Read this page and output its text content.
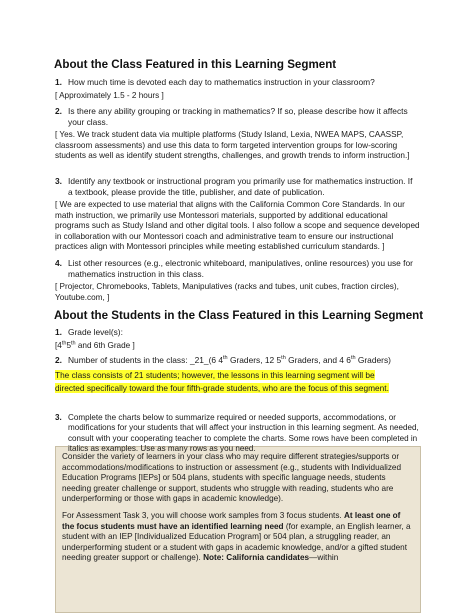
About the Class Featured in this Learning Segment
1. How much time is devoted each day to mathematics instruction in your classroom?
[ Approximately 1.5 - 2 hours ]
2. Is there any ability grouping or tracking in mathematics? If so, please describe how it affects your class.
[ Yes. We track student data via multiple platforms (Study Island, Lexia, NWEA MAPS, CAASSP, classroom assessments) and use this data to form targeted intervention groups for low-scoring students as well as identify student strengths, challenges, and growth trends to inform instruction.]
3. Identify any textbook or instructional program you primarily use for mathematics instruction. If a textbook, please provide the title, publisher, and date of publication.
[ We are expected to use material that aligns with the California Common Core Standards. In our math instruction, we primarily use Montessori materials, supported by additional educational programs such as Study Island and other digital tools. I also follow a scope and sequence developed in collaboration with our Montessori coach and administrative team to ensure our instructional practices align with Montessori principles while meeting established curriculum standards. ]
4. List other resources (e.g., electronic whiteboard, manipulatives, online resources) you use for mathematics instruction in this class.
[ Projector, Chromebooks, Tablets, Manipulatives (racks and tubes, unit cubes, fraction circles), Youtube.com, ]
About the Students in the Class Featured in this Learning Segment
1. Grade level(s):
[4th5th and 6th Grade ]
2. Number of students in the class: _21_(6 4th Graders, 12 5th Graders, and 4 6th Graders)
The class consists of 21 students; however, the lessons in this learning segment will be directed specifically toward the four fifth-grade students, who are the focus of this segment.

Consider the variety of learners in your class who may require different strategies/supports or accommodations/modifications to instruction or assessment (e.g., students with Individualized Education Programs [IEPs] or 504 plans, students with specific language needs, students needing greater challenge or support, students who struggle with reading, students who are underperforming or those with gaps in academic knowledge).

For Assessment Task 3, you will choose work samples from 3 focus students. At least one of the focus students must have an identified learning need (for example, an English learner, a student with an IEP [Individualized Education Program] or 504 plan, a struggling reader, an underperforming student or a student with gaps in academic knowledge, and/or a gifted student needing greater support or challenge). Note: California candidates—within

3. Complete the charts below to summarize required or needed supports, accommodations, or modifications for your students that will affect your instruction in this learning segment. As needed, consult with your cooperating teacher to complete the charts. Some rows have been completed in italics as examples. Use as many rows as you need.
